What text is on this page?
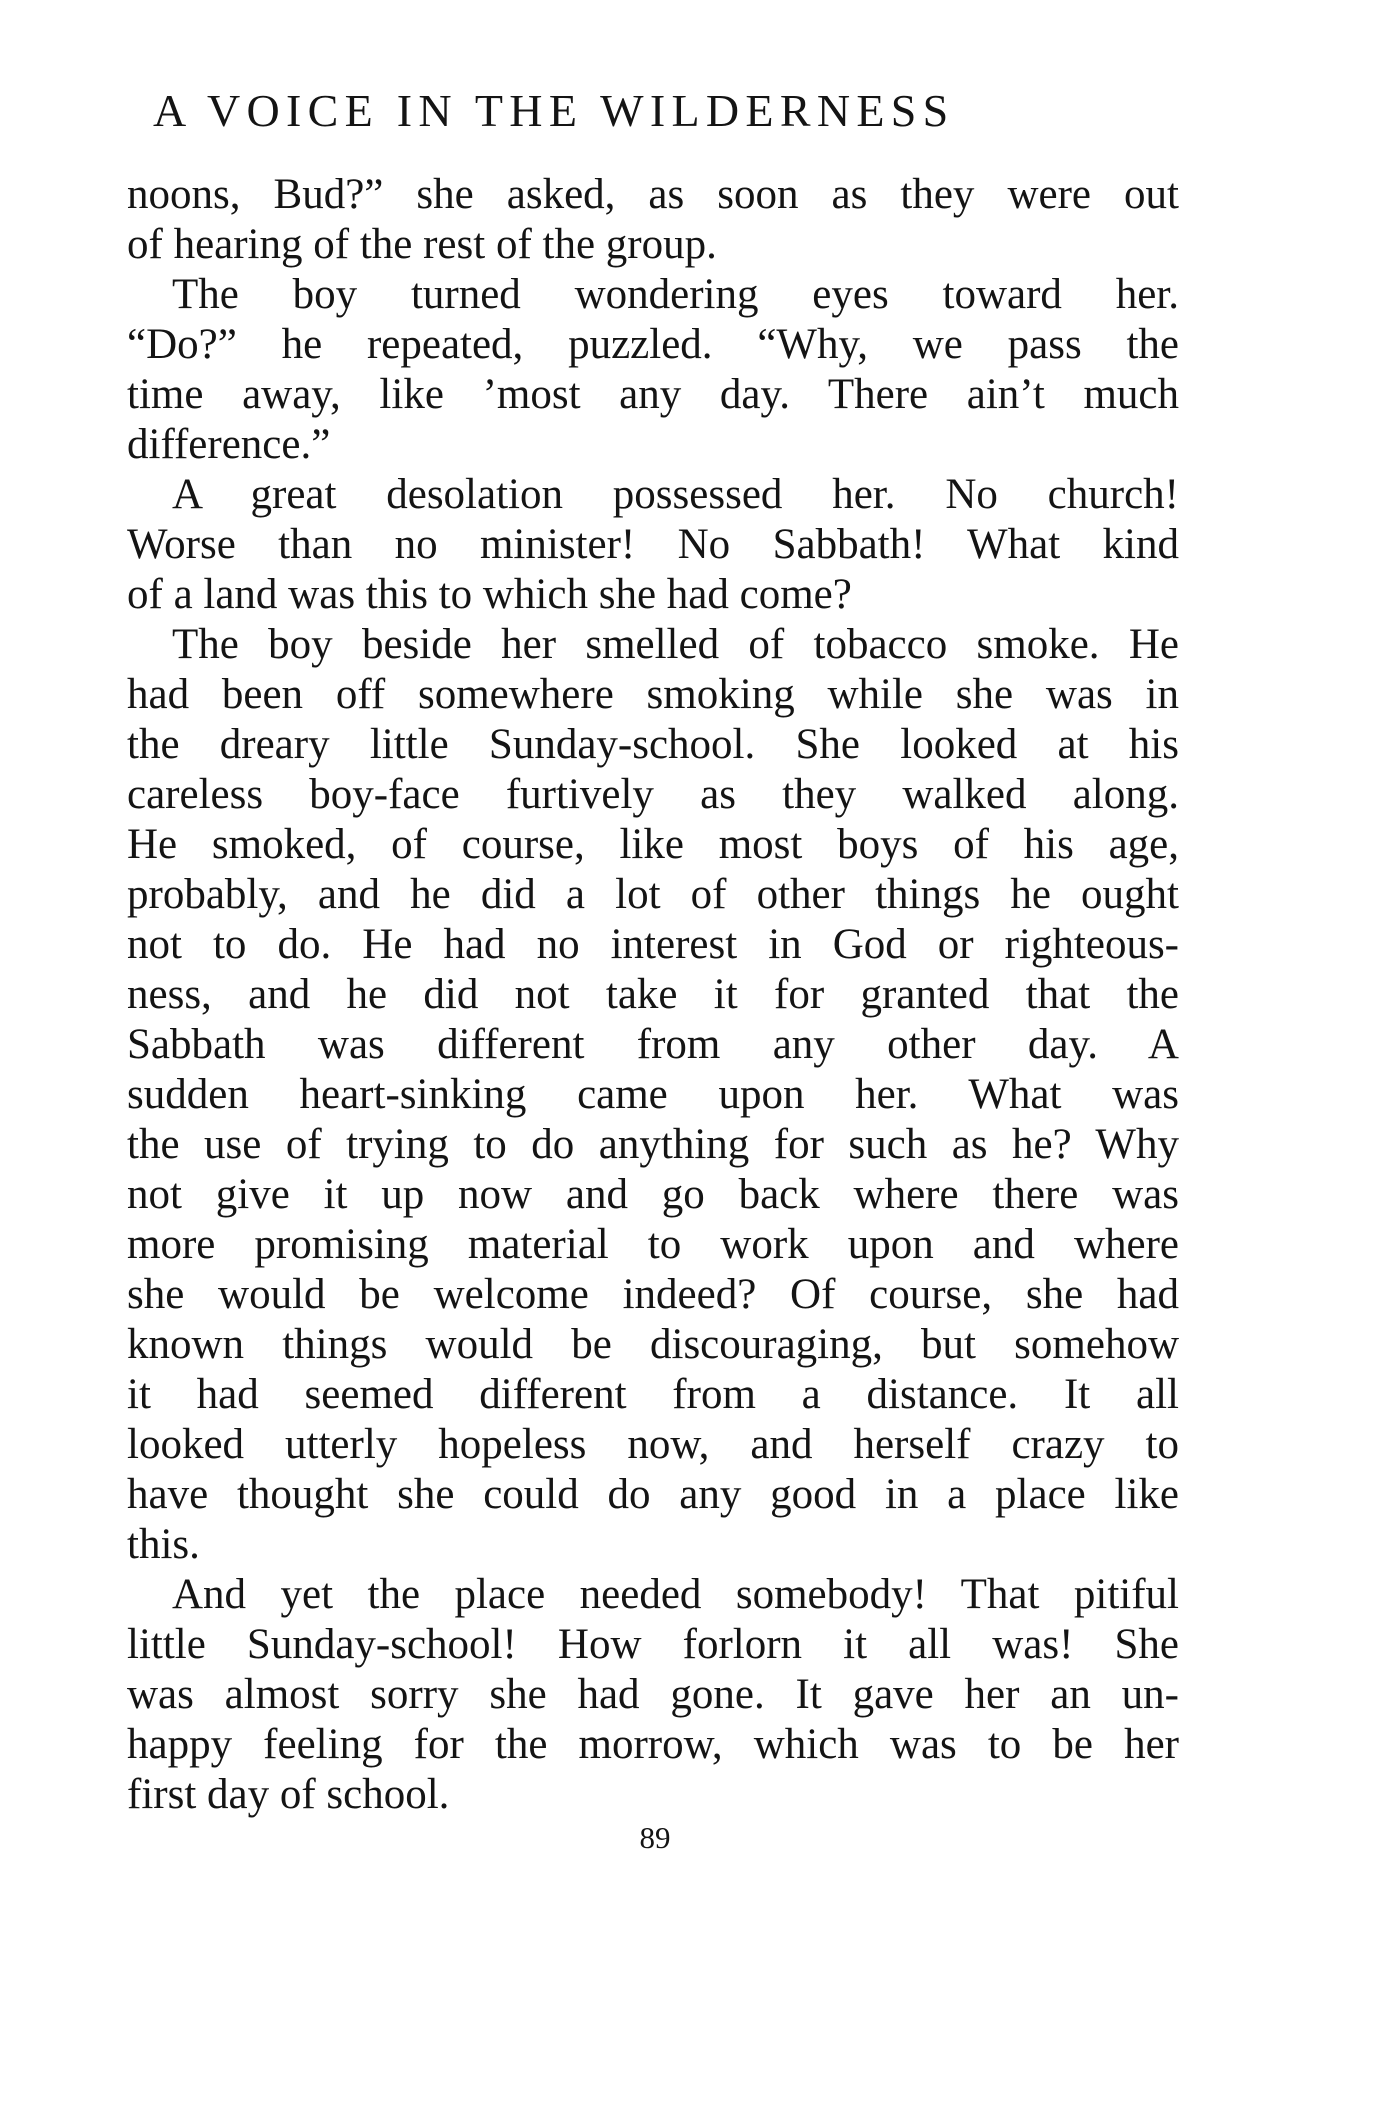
A VOICE IN THE WILDERNESS
noons, Bud?” she asked, as soon as they were out
of hearing of the rest of the group.
The boy turned wondering eyes toward her.
“Do?” he repeated, puzzled. “Why, we pass the
time away, like ’most any day. There ain’t much
difference.”
A great desolation possessed her. No church!
Worse than no minister! No Sabbath! What kind
of a land was this to which she had come?
The boy beside her smelled of tobacco smoke. He
had been off somewhere smoking while she was in
the dreary little Sunday-school. She looked at his
careless boy-face furtively as they walked along.
He smoked, of course, like most boys of his age,
probably, and he did a lot of other things he ought
not to do. He had no interest in God or righteous-
ness, and he did not take it for granted that the
Sabbath was different from any other day. A
sudden heart-sinking came upon her. What was
the use of trying to do anything for such as he? Why
not give it up now and go back where there was
more promising material to work upon and where
she would be welcome indeed? Of course, she had
known things would be discouraging, but somehow
it had seemed different from a distance. It all
looked utterly hopeless now, and herself crazy to
have thought she could do any good in a place like
this.
And yet the place needed somebody! That pitiful
little Sunday-school! How forlorn it all was! She
was almost sorry she had gone. It gave her an un-
happy feeling for the morrow, which was to be her
first day of school.
89
